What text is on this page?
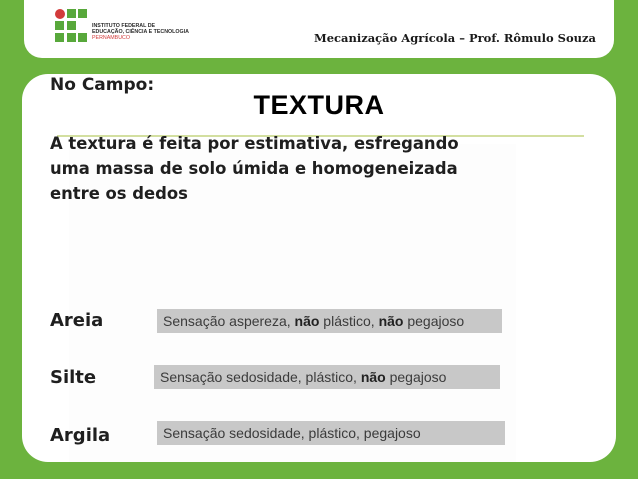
INSTITUTO FEDERAL DE
EDUCAÇÃO, CIÊNCIA E TECNOLOGIA
PERNAMBUCO	Mecanização Agrícola – Prof. Rômulo Souza
TEXTURA
No Campo:
A textura é feita por estimativa, esfregando uma massa de solo úmida e homogeneizada entre os dedos
Areia	Sensação aspereza, não plástico, não pegajoso
Silte	Sensação sedosidade, plástico, não pegajoso
Argila	Sensação sedosidade, plástico, pegajoso
